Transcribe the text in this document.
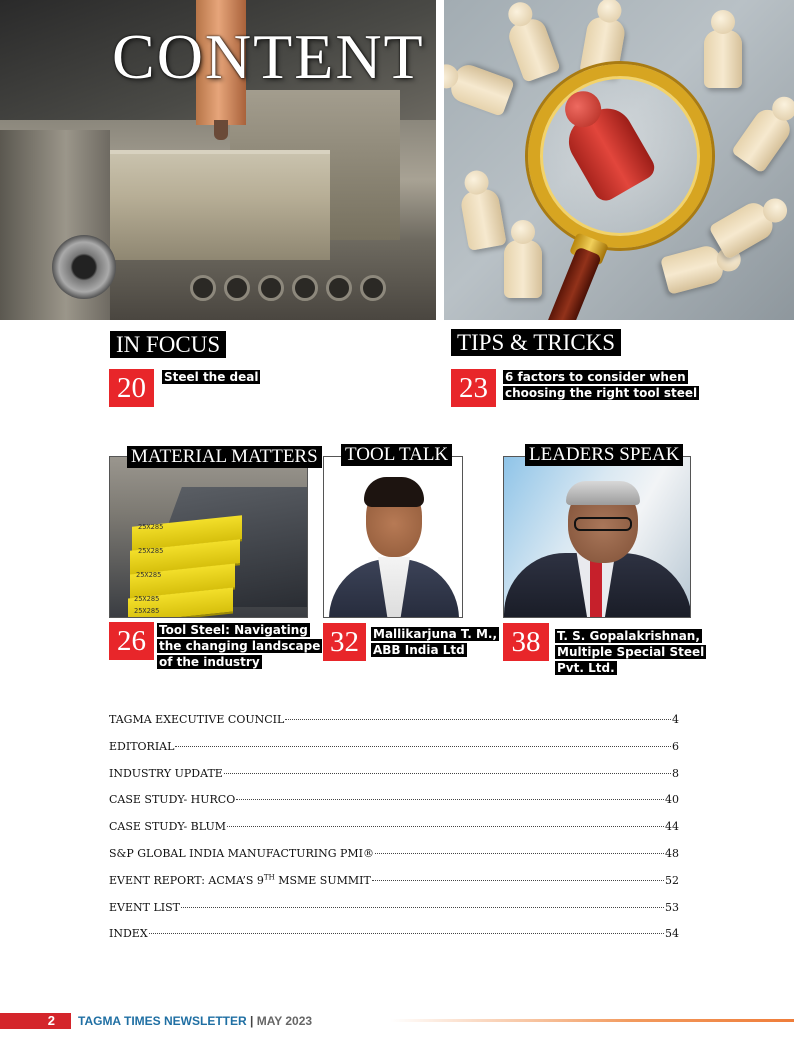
CONTENT
IN FOCUS
20	Steel the deal
TIPS & TRICKS
23	6 factors to consider when
choosing the right tool steel
25X285
25X285
25X285
25X285
25X285
MATERIAL MATTERS
26	Tool Steel: Navigating
the changing landscape
of the industry
TOOL TALK
32	Mallikarjuna T. M.,
ABB India Ltd
LEADERS SPEAK
38	T. S. Gopalakrishnan,
Multiple Special Steel
Pvt. Ltd.
TAGMA EXECUTIVE COUNCIL	4
EDITORIAL	6
INDUSTRY UPDATE	8
CASE STUDY- HURCO	40
CASE STUDY- BLUM	44
S&P GLOBAL INDIA MANUFACTURING PMI®	48
EVENT REPORT: ACMA’S 9TH MSME SUMMIT	52
EVENT LIST	53
INDEX	54
2	TAGMA TIMES NEWSLETTER | MAY 2023
